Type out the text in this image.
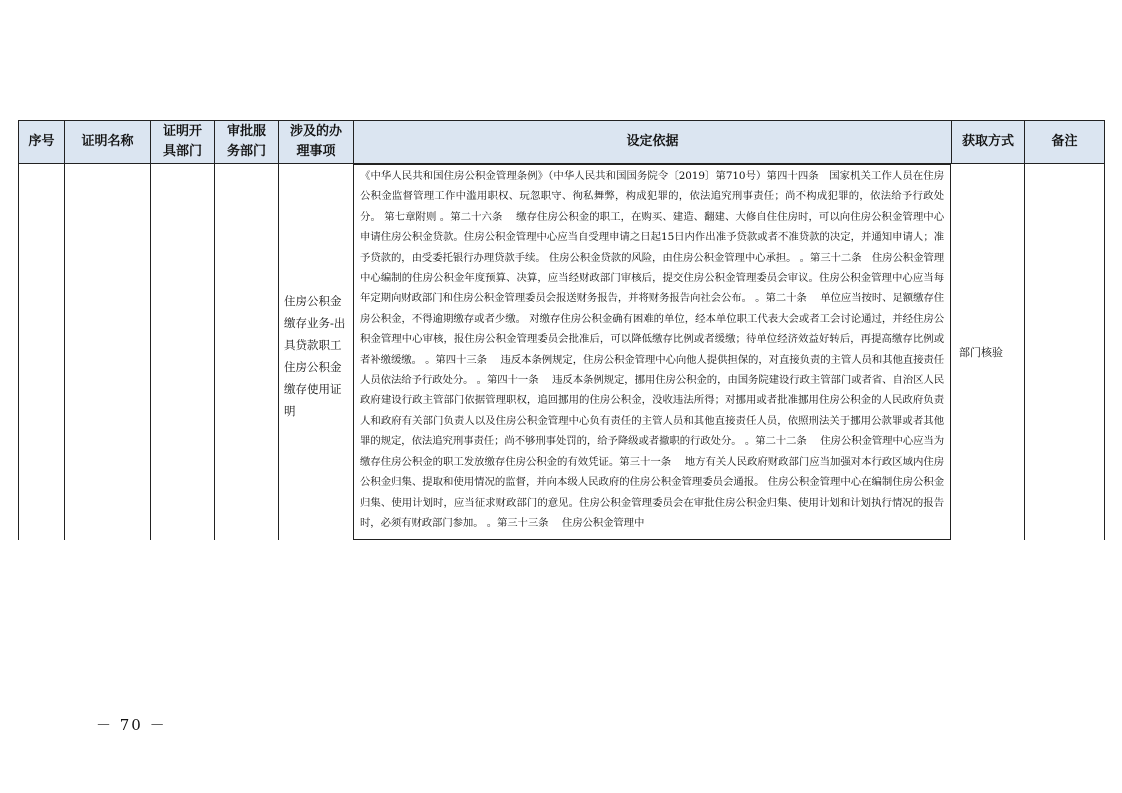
序号 证明名称
证明开具部门
审批服务部门
涉及的办理事项
设定依据	获取方式	备注
住房公积金缴存业务-出具贷款职工住房公积金缴存使用证明
《中华人民共和国住房公积金管理条例》（中华人民共和国国务院令〔2019〕第710号）第四十四条　国家机关工作人员在住房公积金监督管理工作中滥用职权、玩忽职守、徇私舞弊，构成犯罪的，依法追究刑事责任；尚不构成犯罪的，依法给予行政处分。 第七章附则 。第二十六条　 缴存住房公积金的职工，在购买、建造、翻建、大修自住住房时，可以向住房公积金管理中心申请住房公积金贷款。住房公积金管理中心应当自受理申请之日起15日内作出准予贷款或者不准贷款的决定，并通知申请人；准予贷款的，由受委托银行办理贷款手续。 住房公积金贷款的风险，由住房公积金管理中心承担。 。第三十二条　住房公积金管理中心编制的住房公积金年度预算、决算，应当经财政部门审核后，提交住房公积金管理委员会审议。住房公积金管理中心应当每年定期向财政部门和住房公积金管理委员会报送财务报告，并将财务报告向社会公布。 。第二十条　 单位应当按时、足额缴存住房公积金，不得逾期缴存或者少缴。 对缴存住房公积金确有困难的单位，经本单位职工代表大会或者工会讨论通过，并经住房公积金管理中心审核，报住房公积金管理委员会批准后，可以降低缴存比例或者缓缴；待单位经济效益好转后，再提高缴存比例或者补缴缓缴。 。第四十三条　 违反本条例规定，住房公积金管理中心向他人提供担保的，对直接负责的主管人员和其他直接责任人员依法给予行政处分。 。第四十一条　 违反本条例规定，挪用住房公积金的，由国务院建设行政主管部门或者省、自治区人民政府建设行政主管部门依据管理职权，追回挪用的住房公积金，没收违法所得；对挪用或者批准挪用住房公积金的人民政府负责人和政府有关部门负责人以及住房公积金管理中心负有责任的主管人员和其他直接责任人员，依照刑法关于挪用公款罪或者其他罪的规定，依法追究刑事责任；尚不够刑事处罚的，给予降级或者撤职的行政处分。 。第二十二条　 住房公积金管理中心应当为缴存住房公积金的职工发放缴存住房公积金的有效凭证。第三十一条　 地方有关人民政府财政部门应当加强对本行政区域内住房公积金归集、提取和使用情况的监督，并向本级人民政府的住房公积金管理委员会通报。 住房公积金管理中心在编制住房公积金归集、使用计划时，应当征求财政部门的意见。住房公积金管理委员会在审批住房公积金归集、使用计划和计划执行情况的报告时，必须有财政部门参加。 。第三十三条　 住房公积金管理中
部门核验
－ 70 －
